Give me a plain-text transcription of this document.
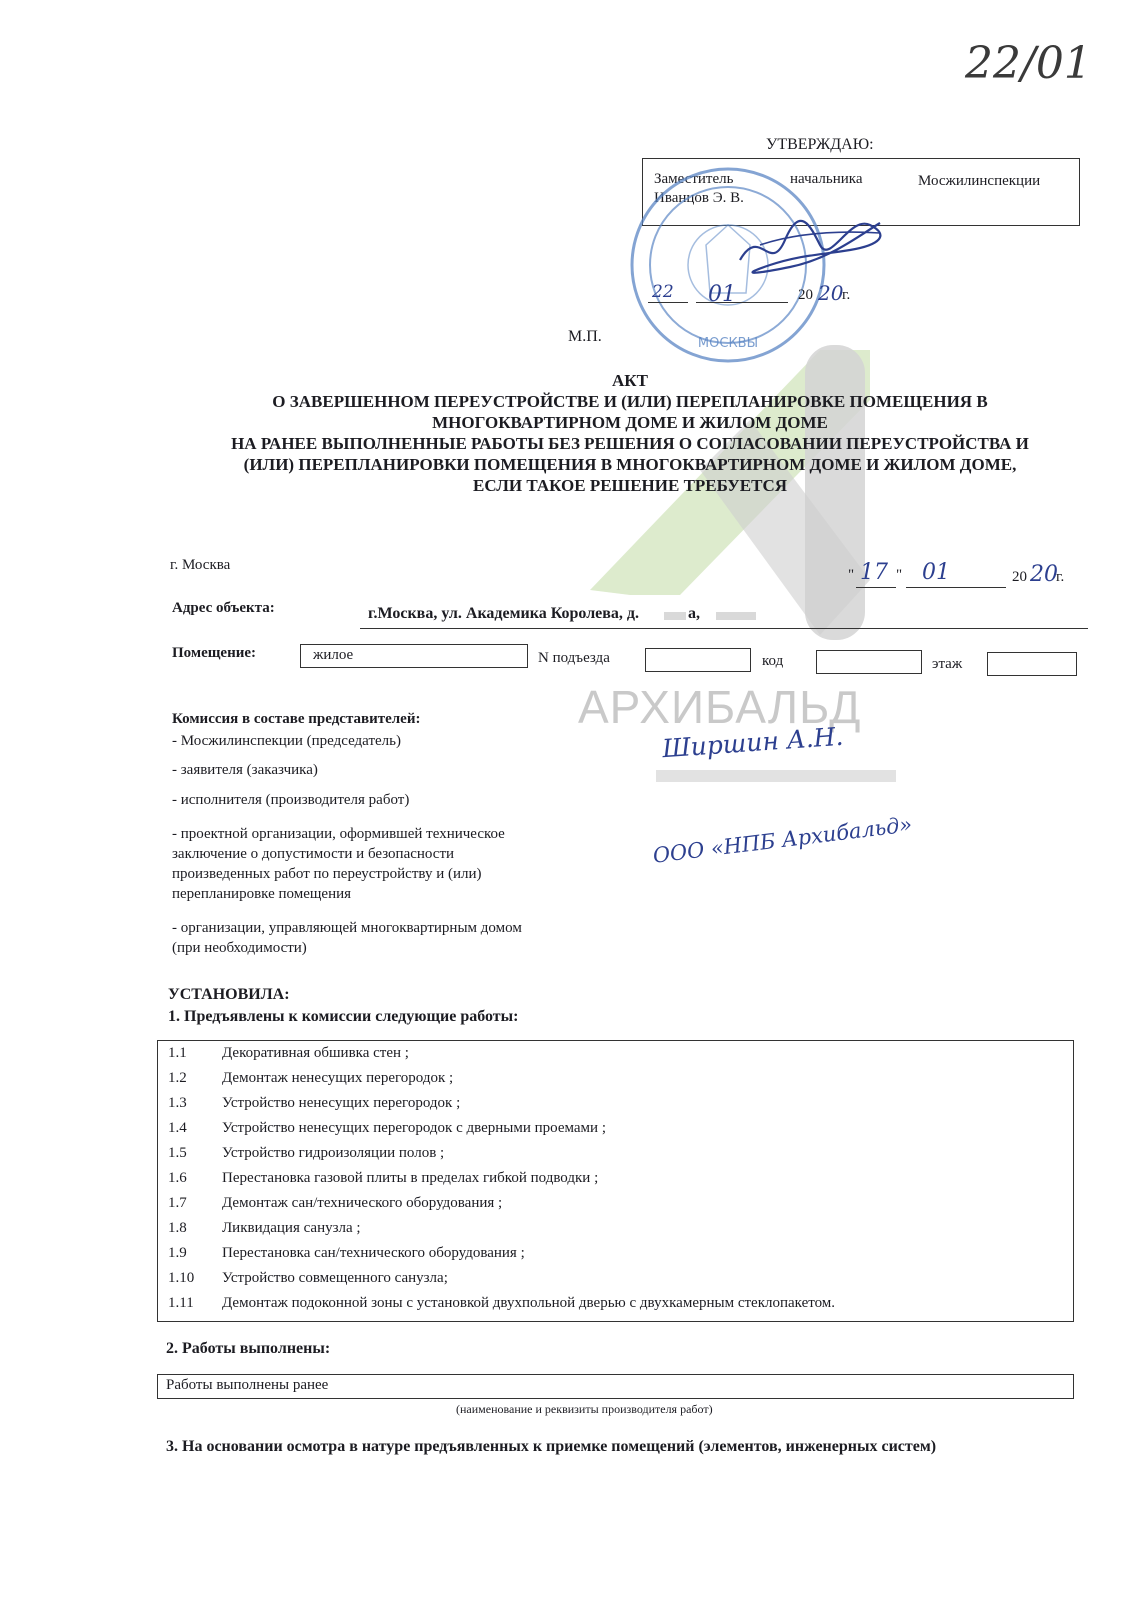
АРХИБАЛЬД
22/01
УТВЕРЖДАЮ:
Заместитель	начальника	Мосжилинспекции
Иванцов Э. В.
МОСКВЫ
22 01	20 20
г.
М.П.
АКТ
О ЗАВЕРШЕННОМ ПЕРЕУСТРОЙСТВЕ И (ИЛИ) ПЕРЕПЛАНИРОВКЕ ПОМЕЩЕНИЯ В
МНОГОКВАРТИРНОМ ДОМЕ И ЖИЛОМ ДОМЕ
НА РАНЕЕ ВЫПОЛНЕННЫЕ РАБОТЫ БЕЗ РЕШЕНИЯ О СОГЛАСОВАНИИ ПЕРЕУСТРОЙСТВА И
(ИЛИ) ПЕРЕПЛАНИРОВКИ ПОМЕЩЕНИЯ В МНОГОКВАРТИРНОМ ДОМЕ И ЖИЛОМ ДОМЕ,
ЕСЛИ ТАКОЕ РЕШЕНИЕ ТРЕБУЕТСЯ
г. Москва
" 17 " 01	20 20
г.
Адрес объекта:	г.Москва, ул. Академика Королева, д.	а,
Помещение:	жилое	N подъезда	код	этаж
Комиссия в составе представителей:
- Мосжилинспекции (председатель)
- заявителя (заказчика)
- исполнителя (производителя работ)
- проектной организации, оформившей техническое
заключение о допустимости и безопасности
произведенных работ по переустройству и (или)
перепланировке помещения
- организации, управляющей многоквартирным домом
(при необходимости)
Ширшин А.Н.
ООО «НПБ Архибальд»
УСТАНОВИЛА:
1. Предъявлены к комиссии следующие работы:
1.1	Декоративная обшивка стен ;
1.2	Демонтаж ненесущих перегородок ;
1.3	Устройство ненесущих перегородок ;
1.4	Устройство ненесущих перегородок с дверными проемами ;
1.5	Устройство гидроизоляции полов ;
1.6	Перестановка газовой плиты в пределах гибкой подводки ;
1.7	Демонтаж сан/технического оборудования ;
1.8	Ликвидация санузла ;
1.9	Перестановка сан/технического оборудования ;
1.10	Устройство совмещенного санузла;
1.11	Демонтаж подоконной зоны с установкой двухпольной дверью с двухкамерным стеклопакетом.
2. Работы выполнены:
Работы выполнены ранее
(наименование и реквизиты производителя работ)
3. На основании осмотра в натуре предъявленных к приемке помещений (элементов, инженерных систем)
